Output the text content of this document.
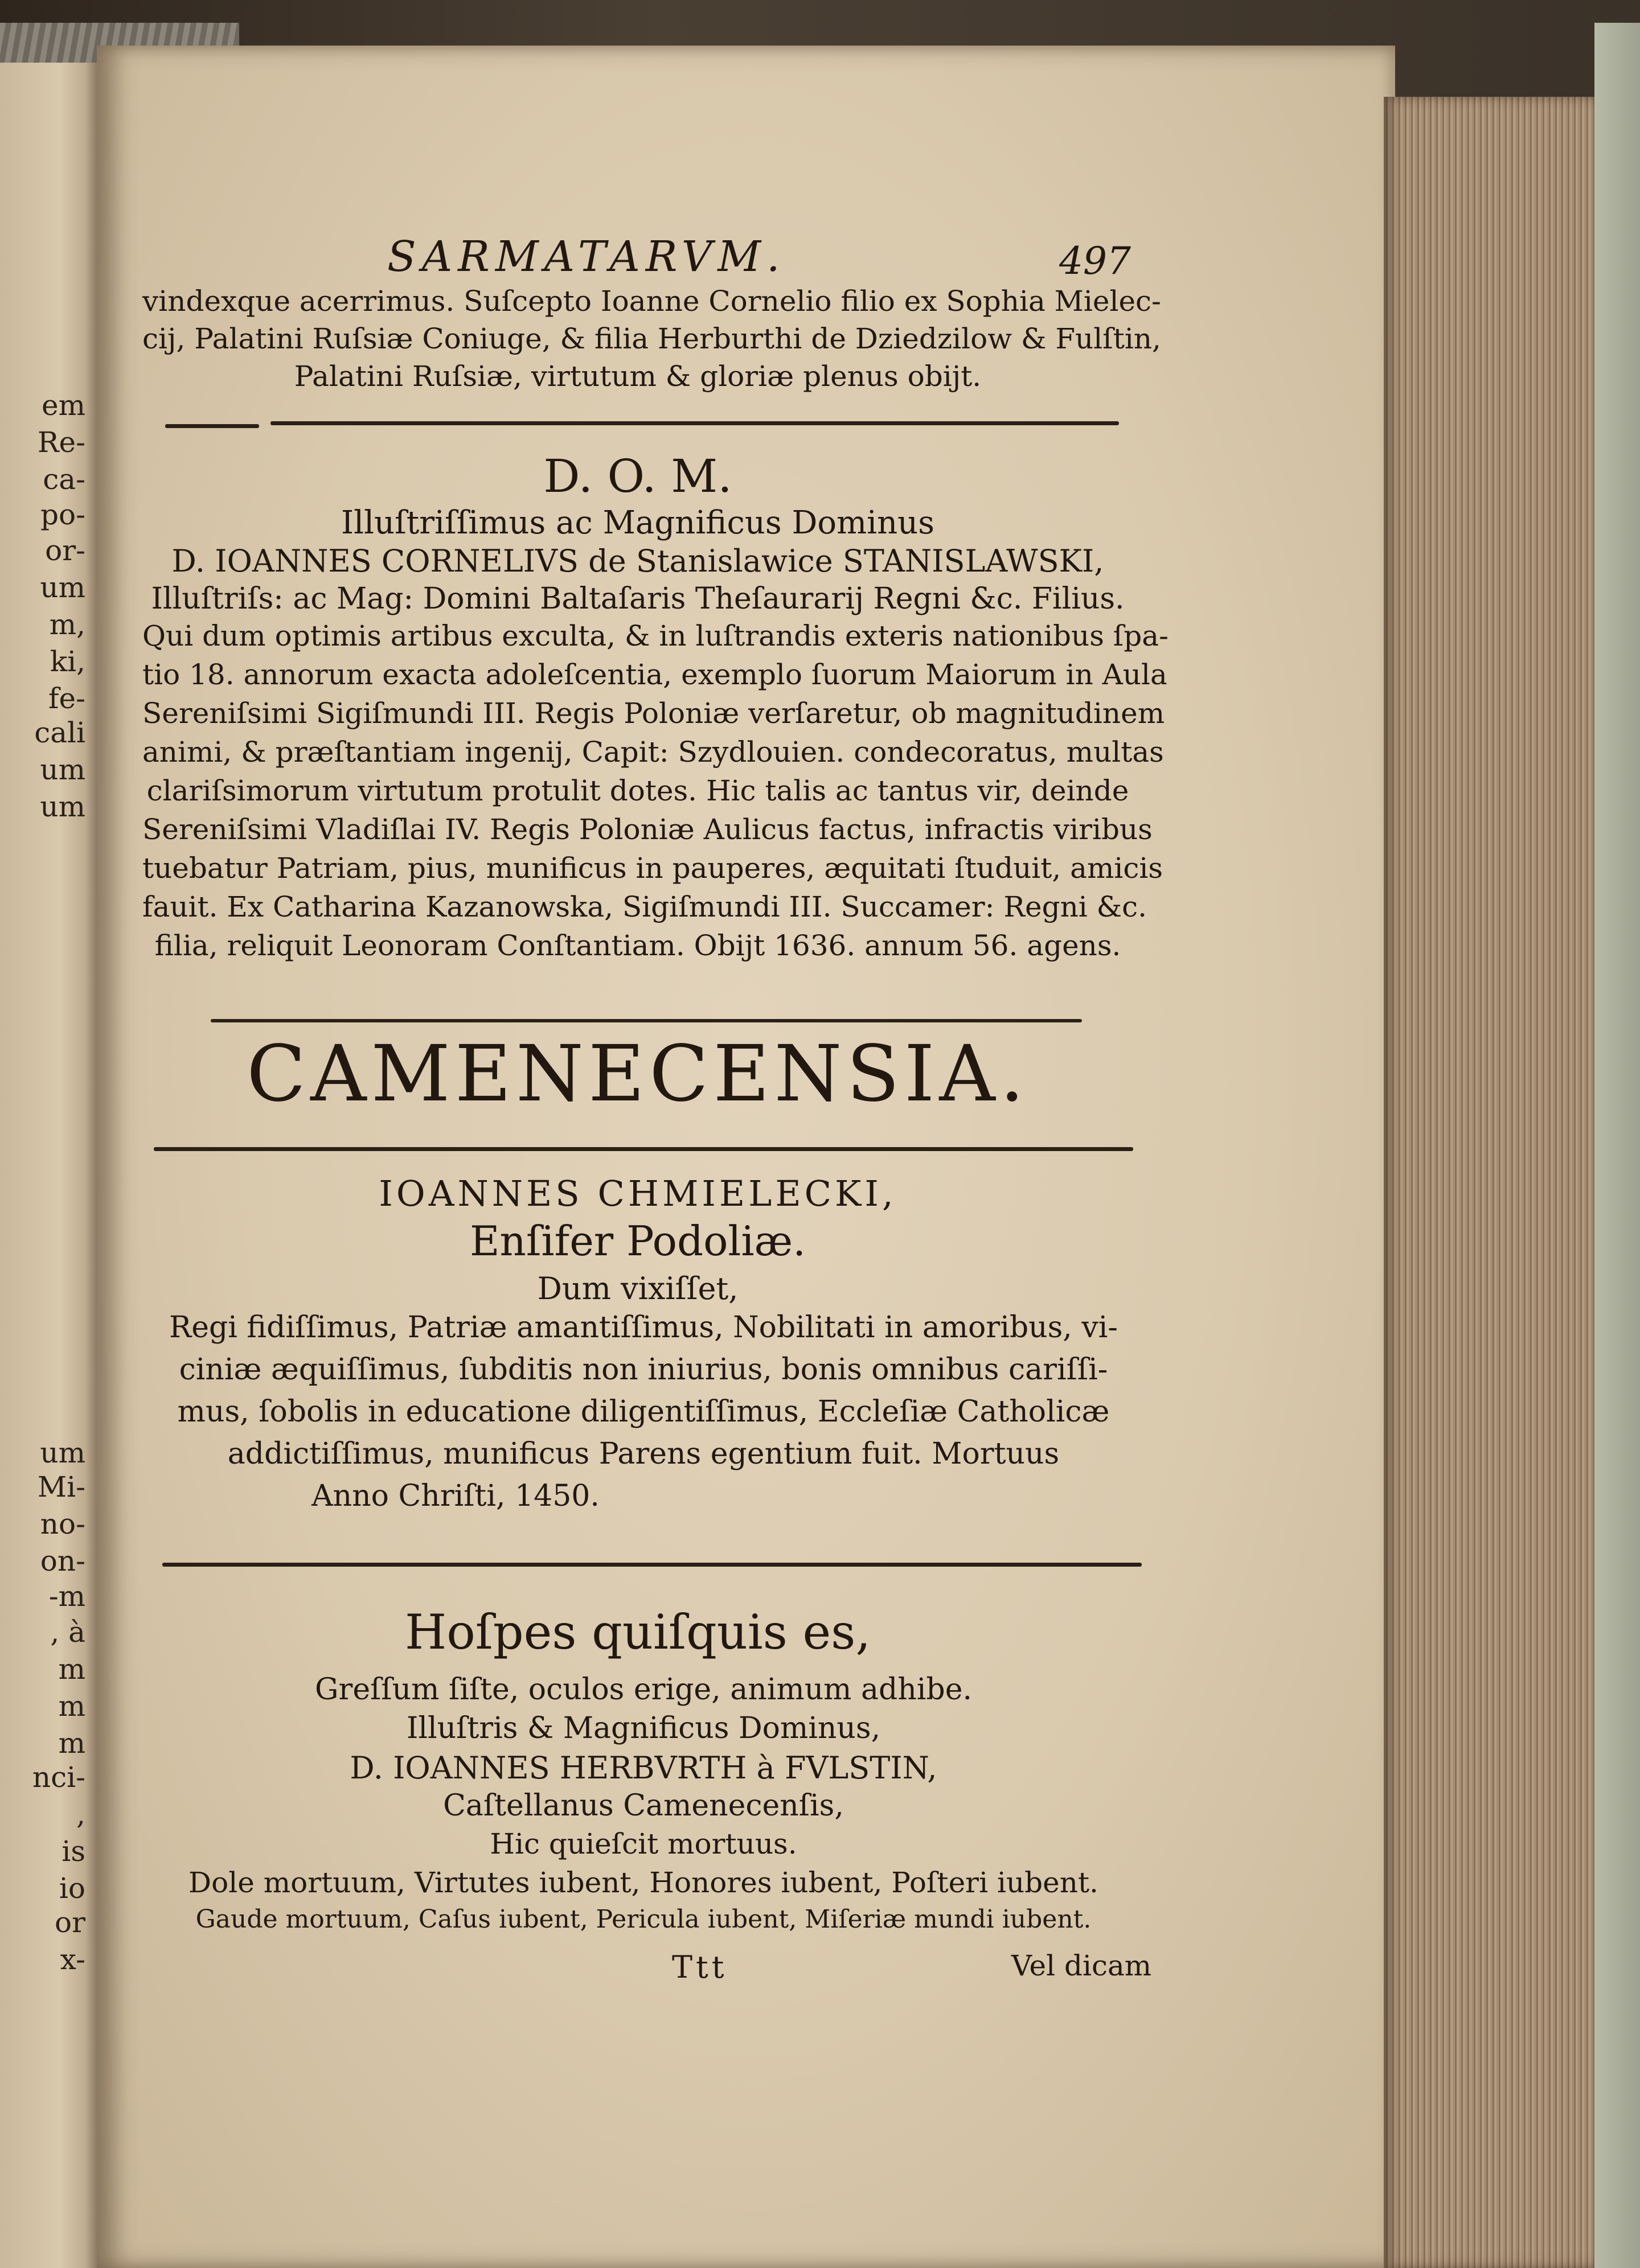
em
Re-
ca-
po-
or-
um
m,
ki,
fe-
cali
um
um
um
Mi-
no-
on-
-m
, à
m
m
m
nci-
,
is
io
or
x-
SARMATARVM.	497
vindexque acerrimus. Suſcepto Ioanne Cornelio filio ex Sophia Mielec-
cij, Palatini Ruſsiæ Coniuge, & filia Herburthi de Dziedzilow & Fulſtin,
Palatini Ruſsiæ, virtutum & gloriæ plenus obijt.
D. O. M.
Illuſtriſſimus ac Magnificus Dominus
D. IOANNES CORNELIVS de Stanislawice STANISLAWSKI,
Illuſtriſs: ac Mag: Domini Baltaſaris Theſaurarij Regni &c. Filius.
Qui dum optimis artibus exculta, & in luſtrandis exteris nationibus ſpa-
tio 18. annorum exacta adoleſcentia, exemplo ſuorum Maiorum in Aula
Sereniſsimi Sigiſmundi III. Regis Poloniæ verſaretur, ob magnitudinem
animi, & præſtantiam ingenij, Capit: Szydlouien. condecoratus, multas
clariſsimorum virtutum protulit dotes. Hic talis ac tantus vir, deinde
Sereniſsimi Vladiſlai IV. Regis Poloniæ Aulicus factus, infractis viribus
tuebatur Patriam, pius, munificus in pauperes, æquitati ſtuduit, amicis
fauit. Ex Catharina Kazanowska, Sigiſmundi III. Succamer: Regni &c.
filia, reliquit Leonoram Conſtantiam. Obijt 1636. annum 56. agens.
CAMENECENSIA.
IOANNES CHMIELECKI,
Enſifer Podoliæ.
Dum vixiſſet,
Regi fidiſſimus, Patriæ amantiſſimus, Nobilitati in amoribus, vi-
ciniæ æquiſſimus, ſubditis non iniurius, bonis omnibus cariſſi-
mus, ſobolis in educatione diligentiſſimus, Eccleſiæ Catholicæ
addictiſſimus, munificus Parens egentium fuit. Mortuus
Anno Chriſti, 1450.
Hoſpes quiſquis es,
Greſſum ſiſte, oculos erige, animum adhibe.
Illuſtris & Magnificus Dominus,
D. IOANNES HERBVRTH à FVLSTIN,
Caſtellanus Camenecenſis,
Hic quieſcit mortuus.
Dole mortuum, Virtutes iubent, Honores iubent, Poſteri iubent.
Gaude mortuum, Caſus iubent, Pericula iubent, Miſeriæ mundi iubent.
Ttt	Vel dicam
